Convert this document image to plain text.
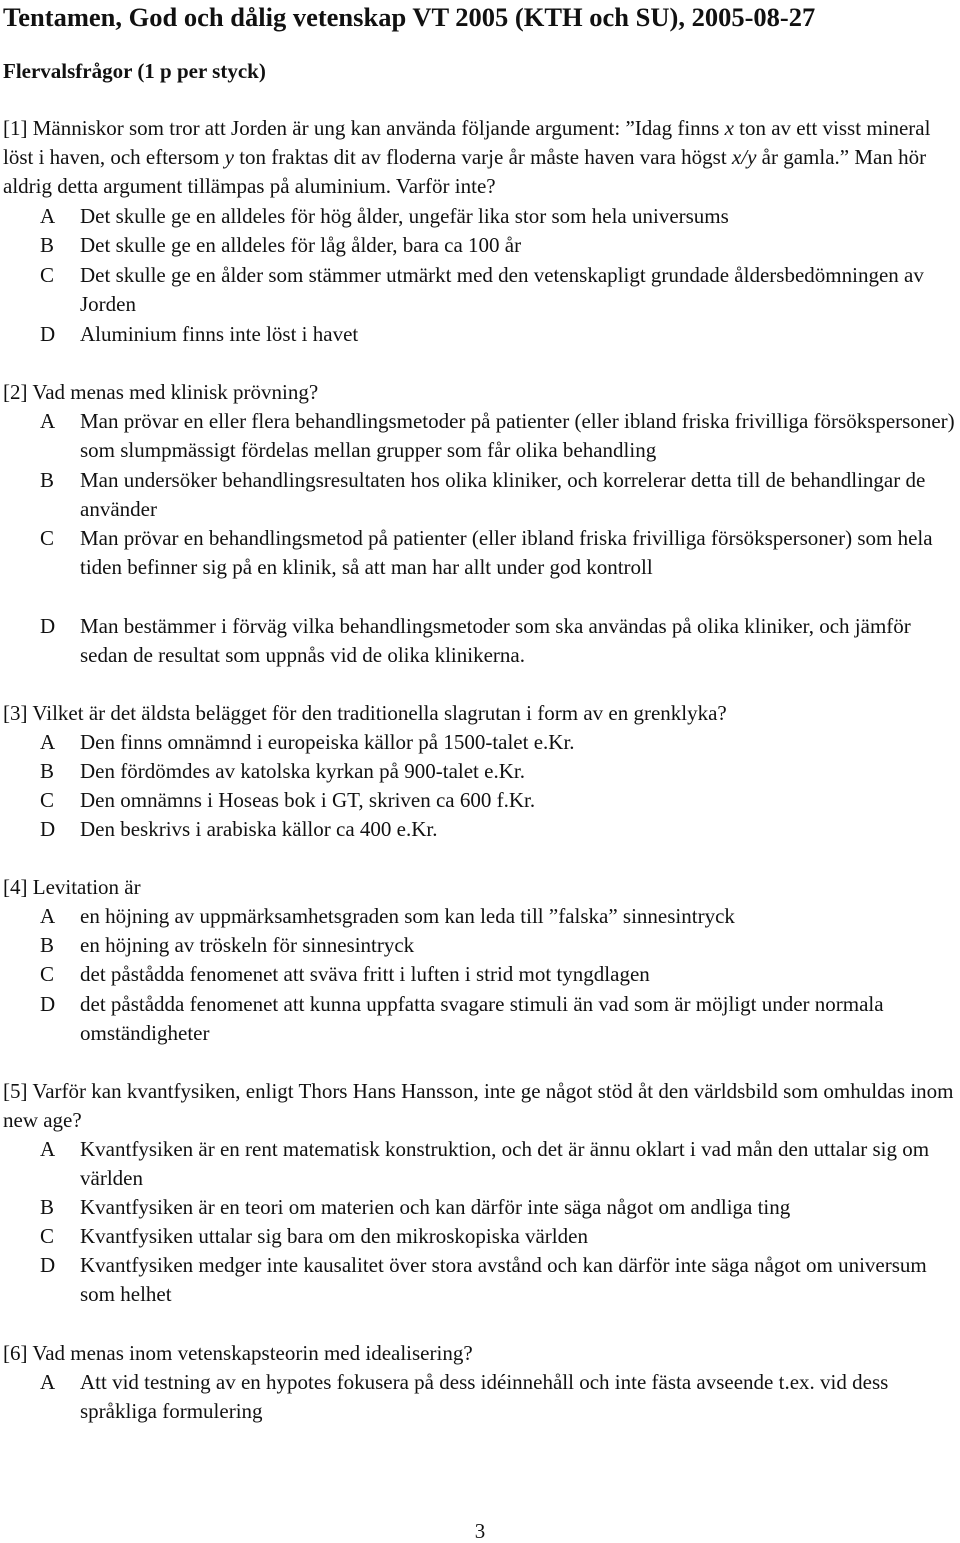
Tentamen, God och dålig vetenskap VT 2005 (KTH och SU), 2005-08-27
Flervalsfrågor (1 p per styck)
[1] Människor som tror att Jorden är ung kan använda följande argument: ”Idag finns x ton av ett visst mineral löst i haven, och eftersom y ton fraktas dit av floderna varje år måste haven vara högst x/y år gamla.” Man hör aldrig detta argument tillämpas på aluminium. Varför inte?
A	Det skulle ge en alldeles för hög ålder, ungefär lika stor som hela universums
B	Det skulle ge en alldeles för låg ålder, bara ca 100 år
C	Det skulle ge en ålder som stämmer utmärkt med den vetenskapligt grundade åldersbedömningen av Jorden
D	Aluminium finns inte löst i havet
[2] Vad menas med klinisk prövning?
A	Man prövar en eller flera behandlingsmetoder på patienter (eller ibland friska frivilliga försökspersoner) som slumpmässigt fördelas mellan grupper som får olika behandling
B	Man undersöker behandlingsresultaten hos olika kliniker, och korrelerar detta till de behandlingar de använder
C	Man prövar en behandlingsmetod på patienter (eller ibland friska frivilliga försökspersoner) som hela tiden befinner sig på en klinik, så att man har allt under god kontroll
D	Man bestämmer i förväg vilka behandlingsmetoder som ska användas på olika kliniker, och jämför sedan de resultat som uppnås vid de olika klinikerna.
[3] Vilket är det äldsta belägget för den traditionella slagrutan i form av en grenklyka?
A	Den finns omnämnd i europeiska källor på 1500-talet e.Kr.
B	Den fördömdes av katolska kyrkan på 900-talet e.Kr.
C	Den omnämns i Hoseas bok i GT, skriven ca 600 f.Kr.
D	Den beskrivs i arabiska källor ca 400 e.Kr.
[4] Levitation är
A	en höjning av uppmärksamhetsgraden som kan leda till ”falska” sinnesintryck
B	en höjning av tröskeln för sinnesintryck
C	det påstådda fenomenet att sväva fritt i luften i strid mot tyngdlagen
D	det påstådda fenomenet att kunna uppfatta svagare stimuli än vad som är möjligt under normala omständigheter
[5] Varför kan kvantfysiken, enligt Thors Hans Hansson, inte ge något stöd åt den världsbild som omhuldas inom new age?
A	Kvantfysiken är en rent matematisk konstruktion, och det är ännu oklart i vad mån den uttalar sig om världen
B	Kvantfysiken är en teori om materien och kan därför inte säga något om andliga ting
C	Kvantfysiken uttalar sig bara om den mikroskopiska världen
D	Kvantfysiken medger inte kausalitet över stora avstånd och kan därför inte säga något om universum som helhet
[6] Vad menas inom vetenskapsteorin med idealisering?
A	Att vid testning av en hypotes fokusera på dess idéinnehåll och inte fästa avseende t.ex. vid dess språkliga formulering
3
